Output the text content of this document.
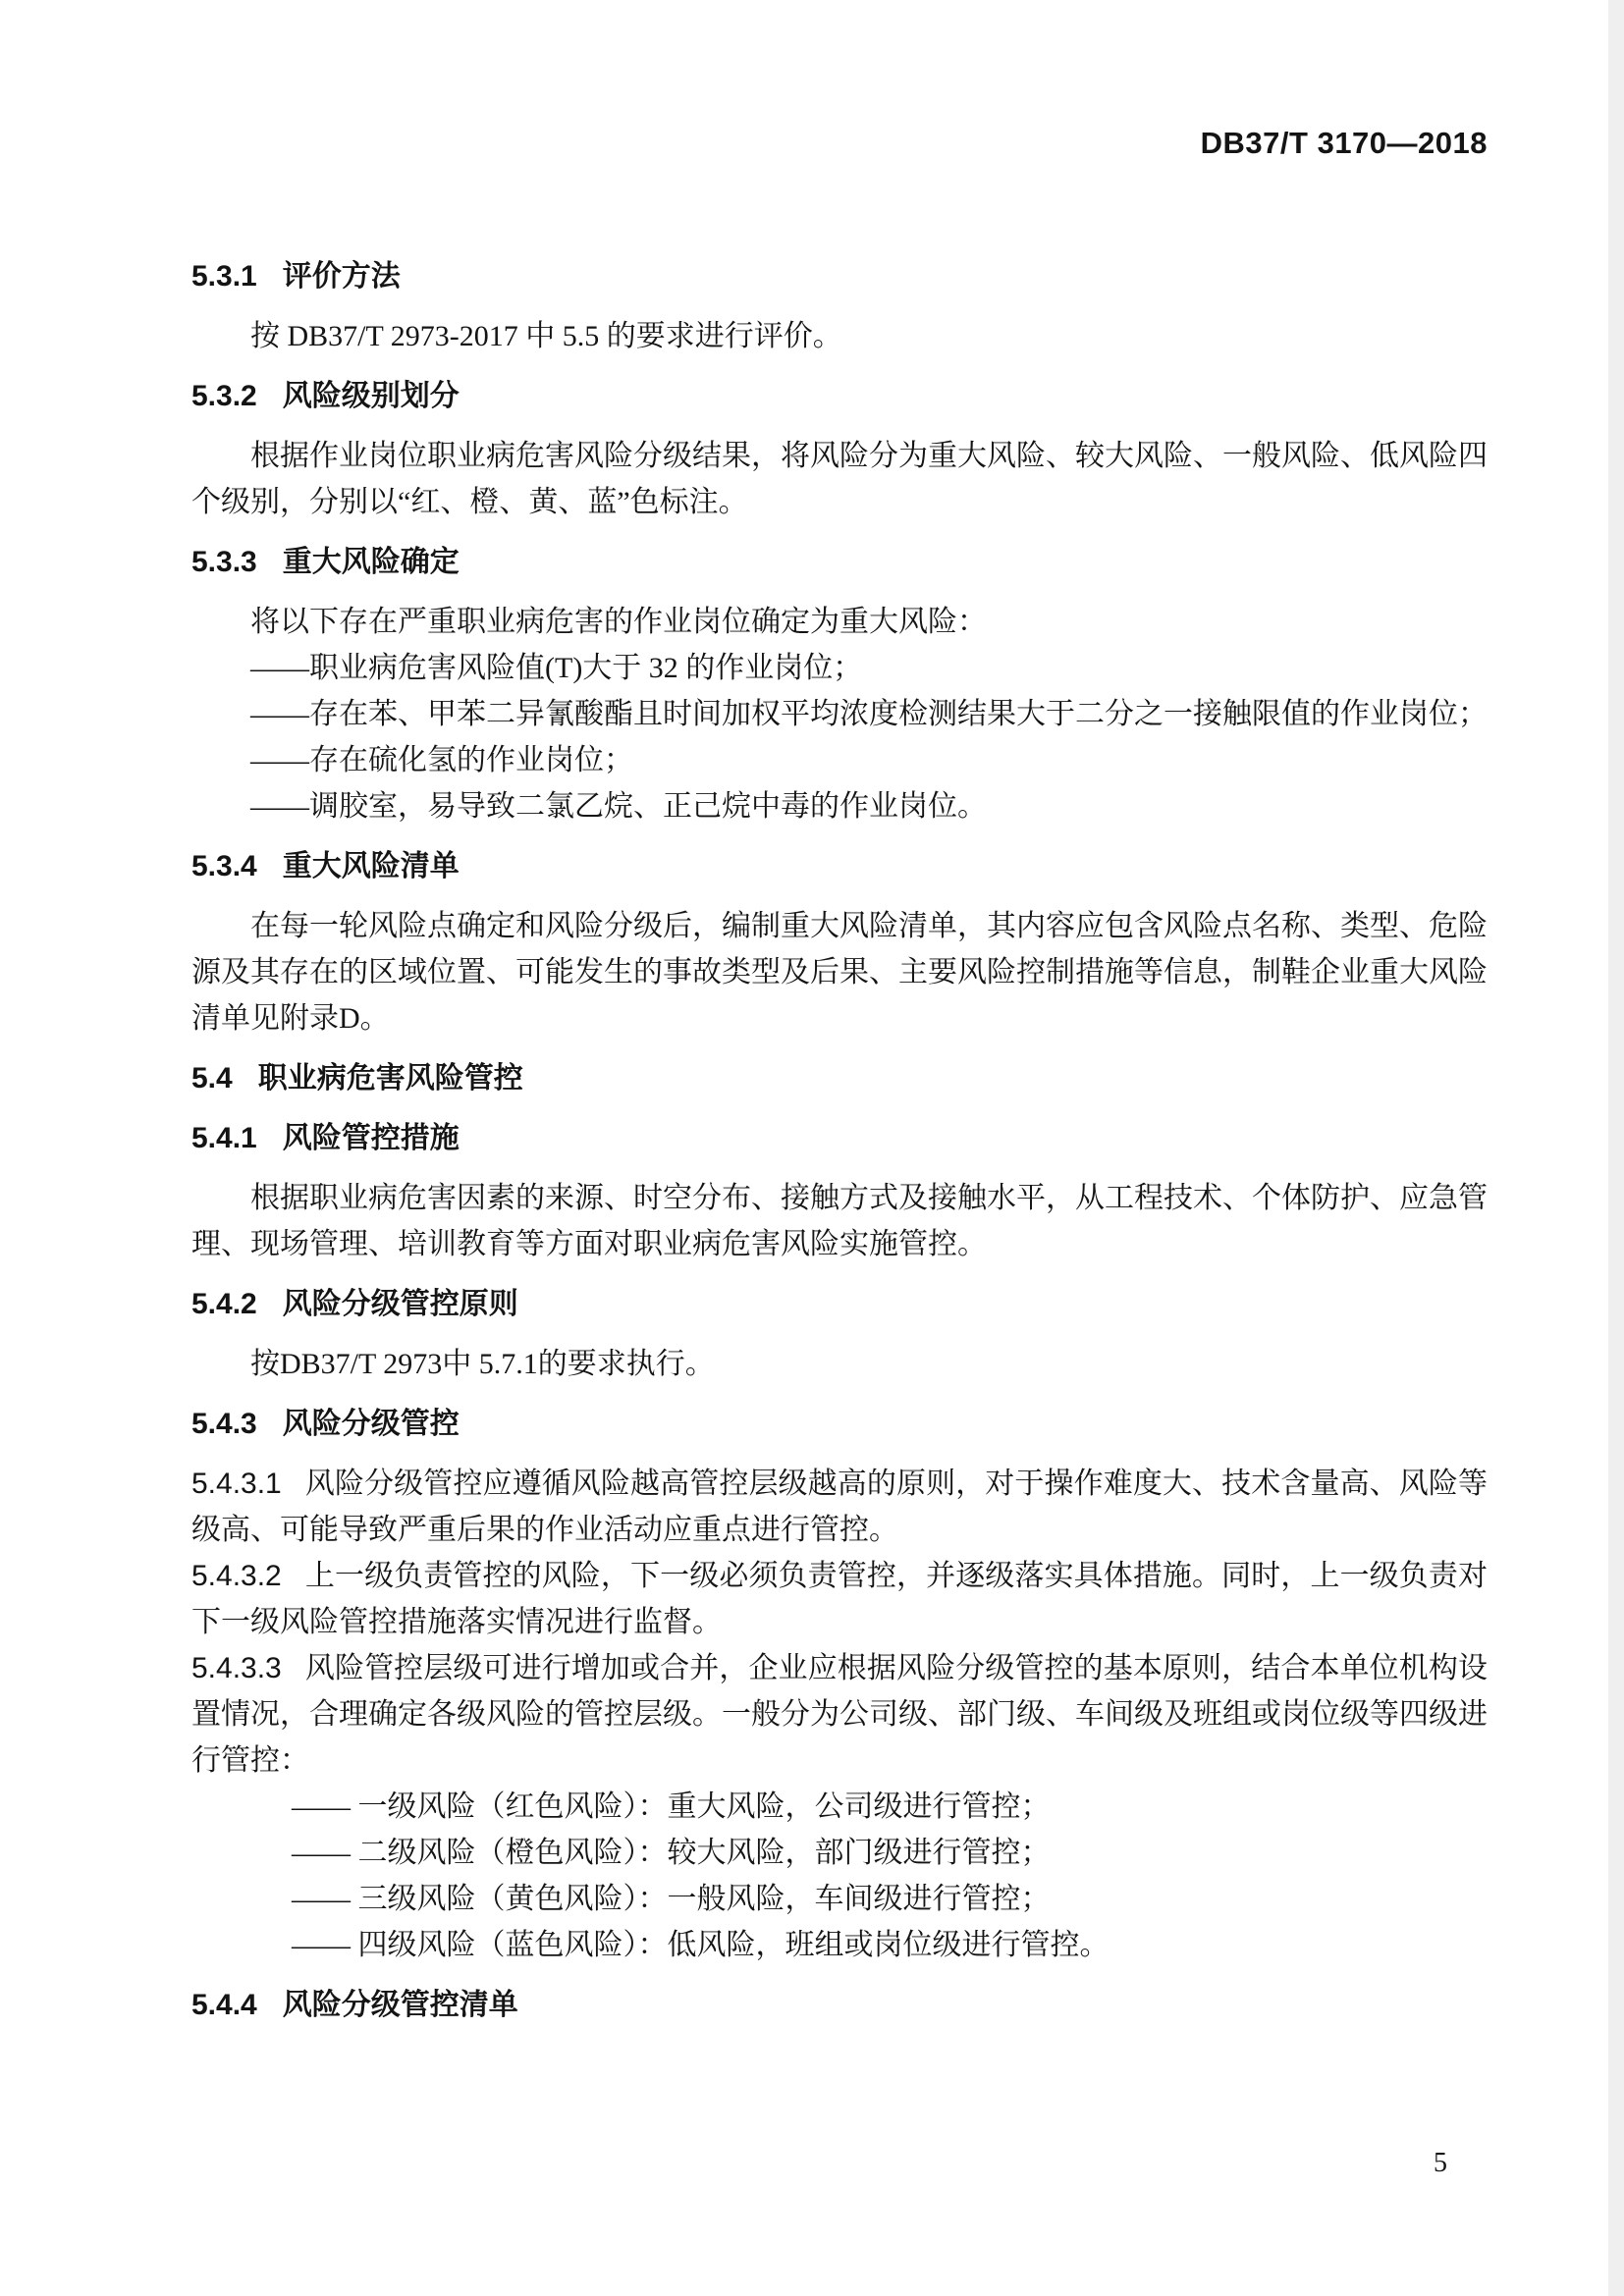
DB37/T 3170—2018
5.3.1 评价方法

按 DB37/T 2973-2017 中 5.5 的要求进行评价。

5.3.2 风险级别划分

根据作业岗位职业病危害风险分级结果，将风险分为重大风险、较大风险、一般风险、低风险四个级别，分别以“红、橙、黄、蓝”色标注。

5.3.3 重大风险确定

将以下存在严重职业病危害的作业岗位确定为重大风险：

——职业病危害风险值(T)大于 32 的作业岗位；

——存在苯、甲苯二异氰酸酯且时间加权平均浓度检测结果大于二分之一接触限值的作业岗位；

——存在硫化氢的作业岗位；

——调胶室，易导致二氯乙烷、正己烷中毒的作业岗位。

5.3.4 重大风险清单

在每一轮风险点确定和风险分级后，编制重大风险清单，其内容应包含风险点名称、类型、危险源及其存在的区域位置、可能发生的事故类型及后果、主要风险控制措施等信息，制鞋企业重大风险清单见附录D。

5.4 职业病危害风险管控
5.4.1 风险管控措施

根据职业病危害因素的来源、时空分布、接触方式及接触水平，从工程技术、个体防护、应急管理、现场管理、培训教育等方面对职业病危害风险实施管控。

5.4.2 风险分级管控原则

按DB37/T 2973中 5.7.1的要求执行。

5.4.3 风险分级管控

5.4.3.1 风险分级管控应遵循风险越高管控层级越高的原则，对于操作难度大、技术含量高、风险等级高、可能导致严重后果的作业活动应重点进行管控。

5.4.3.2 上一级负责管控的风险，下一级必须负责管控，并逐级落实具体措施。同时，上一级负责对下一级风险管控措施落实情况进行监督。

5.4.3.3 风险管控层级可进行增加或合并，企业应根据风险分级管控的基本原则，结合本单位机构设置情况，合理确定各级风险的管控层级。一般分为公司级、部门级、车间级及班组或岗位级等四级进行管控：

—— 一级风险（红色风险）：重大风险，公司级进行管控；

—— 二级风险（橙色风险）：较大风险，部门级进行管控；

—— 三级风险（黄色风险）：一般风险，车间级进行管控；

—— 四级风险（蓝色风险）：低风险，班组或岗位级进行管控。

5.4.4 风险分级管控清单
5
